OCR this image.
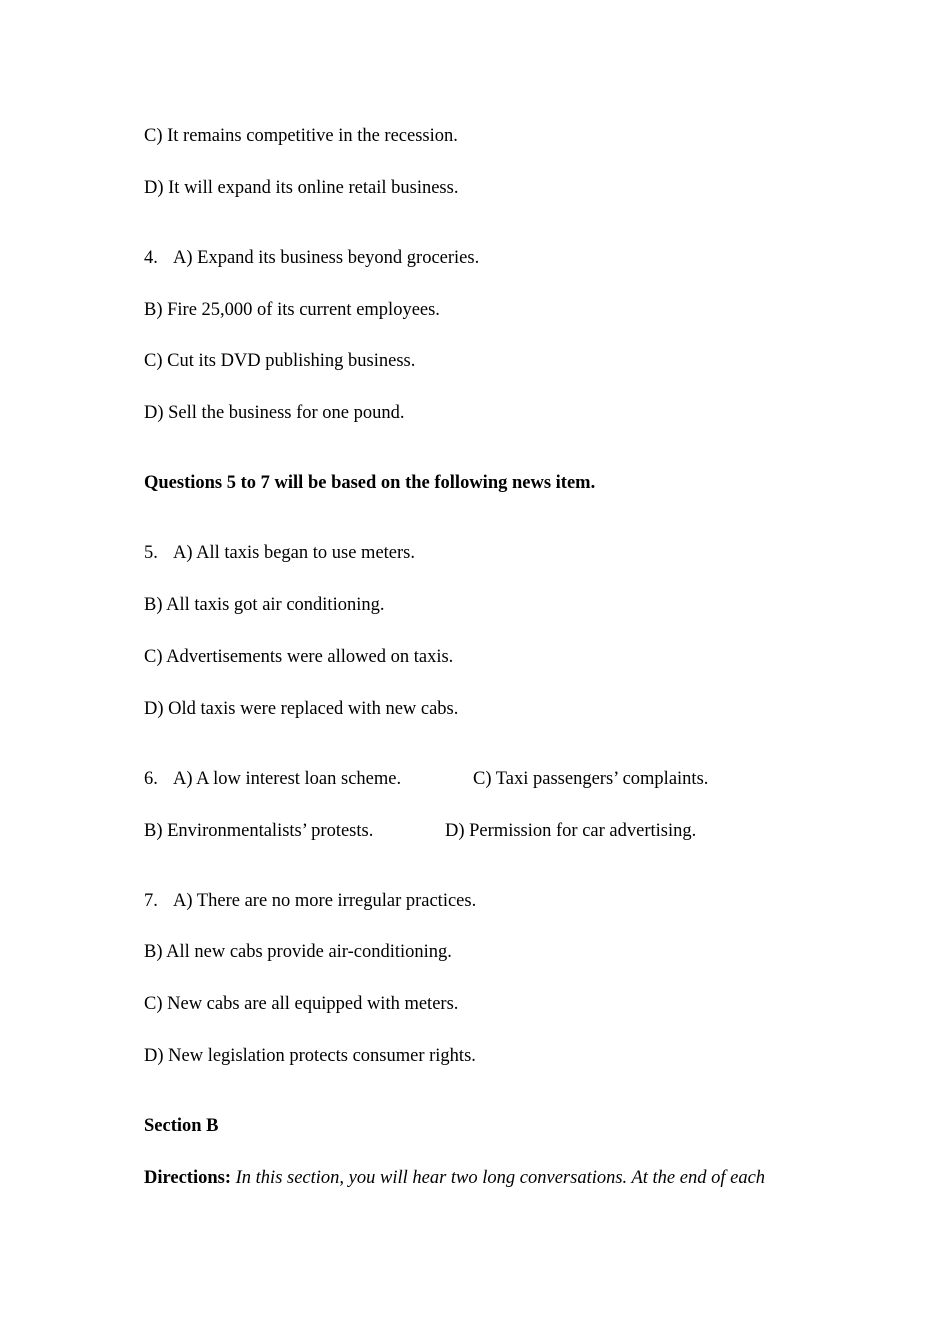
C) It remains competitive in the recession.
D) It will expand its online retail business.
4. A) Expand its business beyond groceries.
B) Fire 25,000 of its current employees.
C) Cut its DVD publishing business.
D) Sell the business for one pound.
Questions 5 to 7 will be based on the following news item.
5. A) All taxis began to use meters.
B) All taxis got air conditioning.
C) Advertisements were allowed on taxis.
D) Old taxis were replaced with new cabs.
6. A) A low interest loan scheme.	C) Taxi passengers’ complaints.
B) Environmentalists’ protests.	D) Permission for car advertising.
7. A) There are no more irregular practices.
B) All new cabs provide air-conditioning.
C) New cabs are all equipped with meters.
D) New legislation protects consumer rights.
Section B
Directions: In this section, you will hear two long conversations. At the end of each
